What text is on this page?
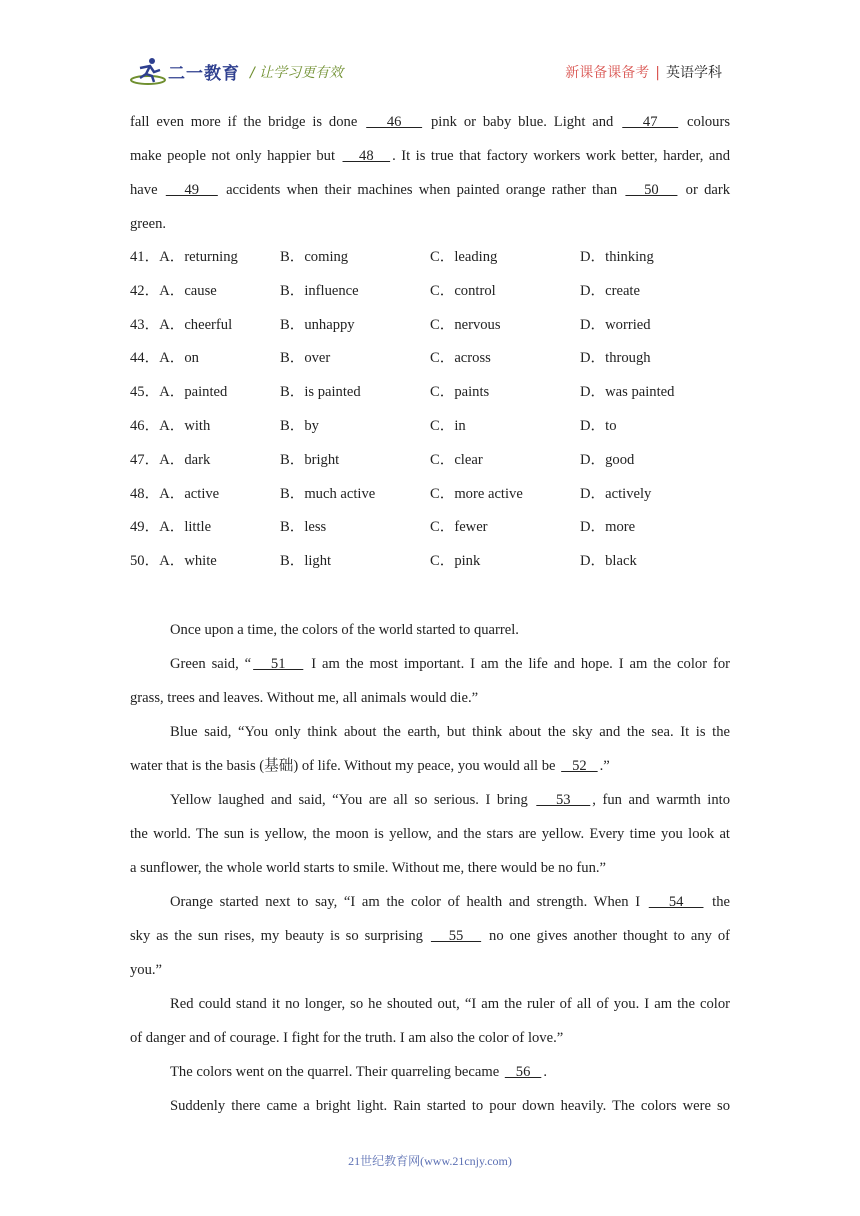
二一教育 / 让学习更有效	新课备课备考 | 英语学科
fall even more if the bridge is done    46    pink or baby blue. Light and    47    colours
make people not only happier but    48   . It is true that factory workers work better, harder, and
have    49    accidents when their machines when painted orange rather than    50    or dark
green.
41．A．returning	B．coming	C．leading	D．thinking
42．A．cause	B．influence	C．control	D．create
43．A．cheerful	B．unhappy	C．nervous	D．worried
44．A．on	B．over	C．across	D．through
45．A．painted	B．is painted	C．paints	D．was painted
46．A．with	B．by	C．in	D．to
47．A．dark	B．bright	C．clear	D．good
48．A．active	B．much active	C．more active	D．actively
49．A．little	B．less	C．fewer	D．more
50．A．white	B．light	C．pink	D．black
Once upon a time, the colors of the world started to quarrel.
Green said, “   51    I am the most important. I am the life and hope. I am the color for
grass, trees and leaves. Without me, all animals would die.”
Blue said, “You only think about the earth, but think about the sky and the sea. It is the
water that is the basis (基础) of life. Without my peace, you would all be    52   .”
Yellow laughed and said, “You are all so serious. I bring    53   , fun and warmth into
the world. The sun is yellow, the moon is yellow, and the stars are yellow. Every time you look at
a sunflower, the whole world starts to smile. Without me, there would be no fun.”
Orange started next to say, “I am the color of health and strength. When I    54    the
sky as the sun rises, my beauty is so surprising    55    no one gives another thought to any of
you.”
Red could stand it no longer, so he shouted out, “I am the ruler of all of you. I am the color
of danger and of courage. I fight for the truth. I am also the color of love.”
The colors went on the quarrel. Their quarreling became    56   .
Suddenly there came a bright light. Rain started to pour down heavily. The colors were so
21世纪教育网(www.21cnjy.com)
